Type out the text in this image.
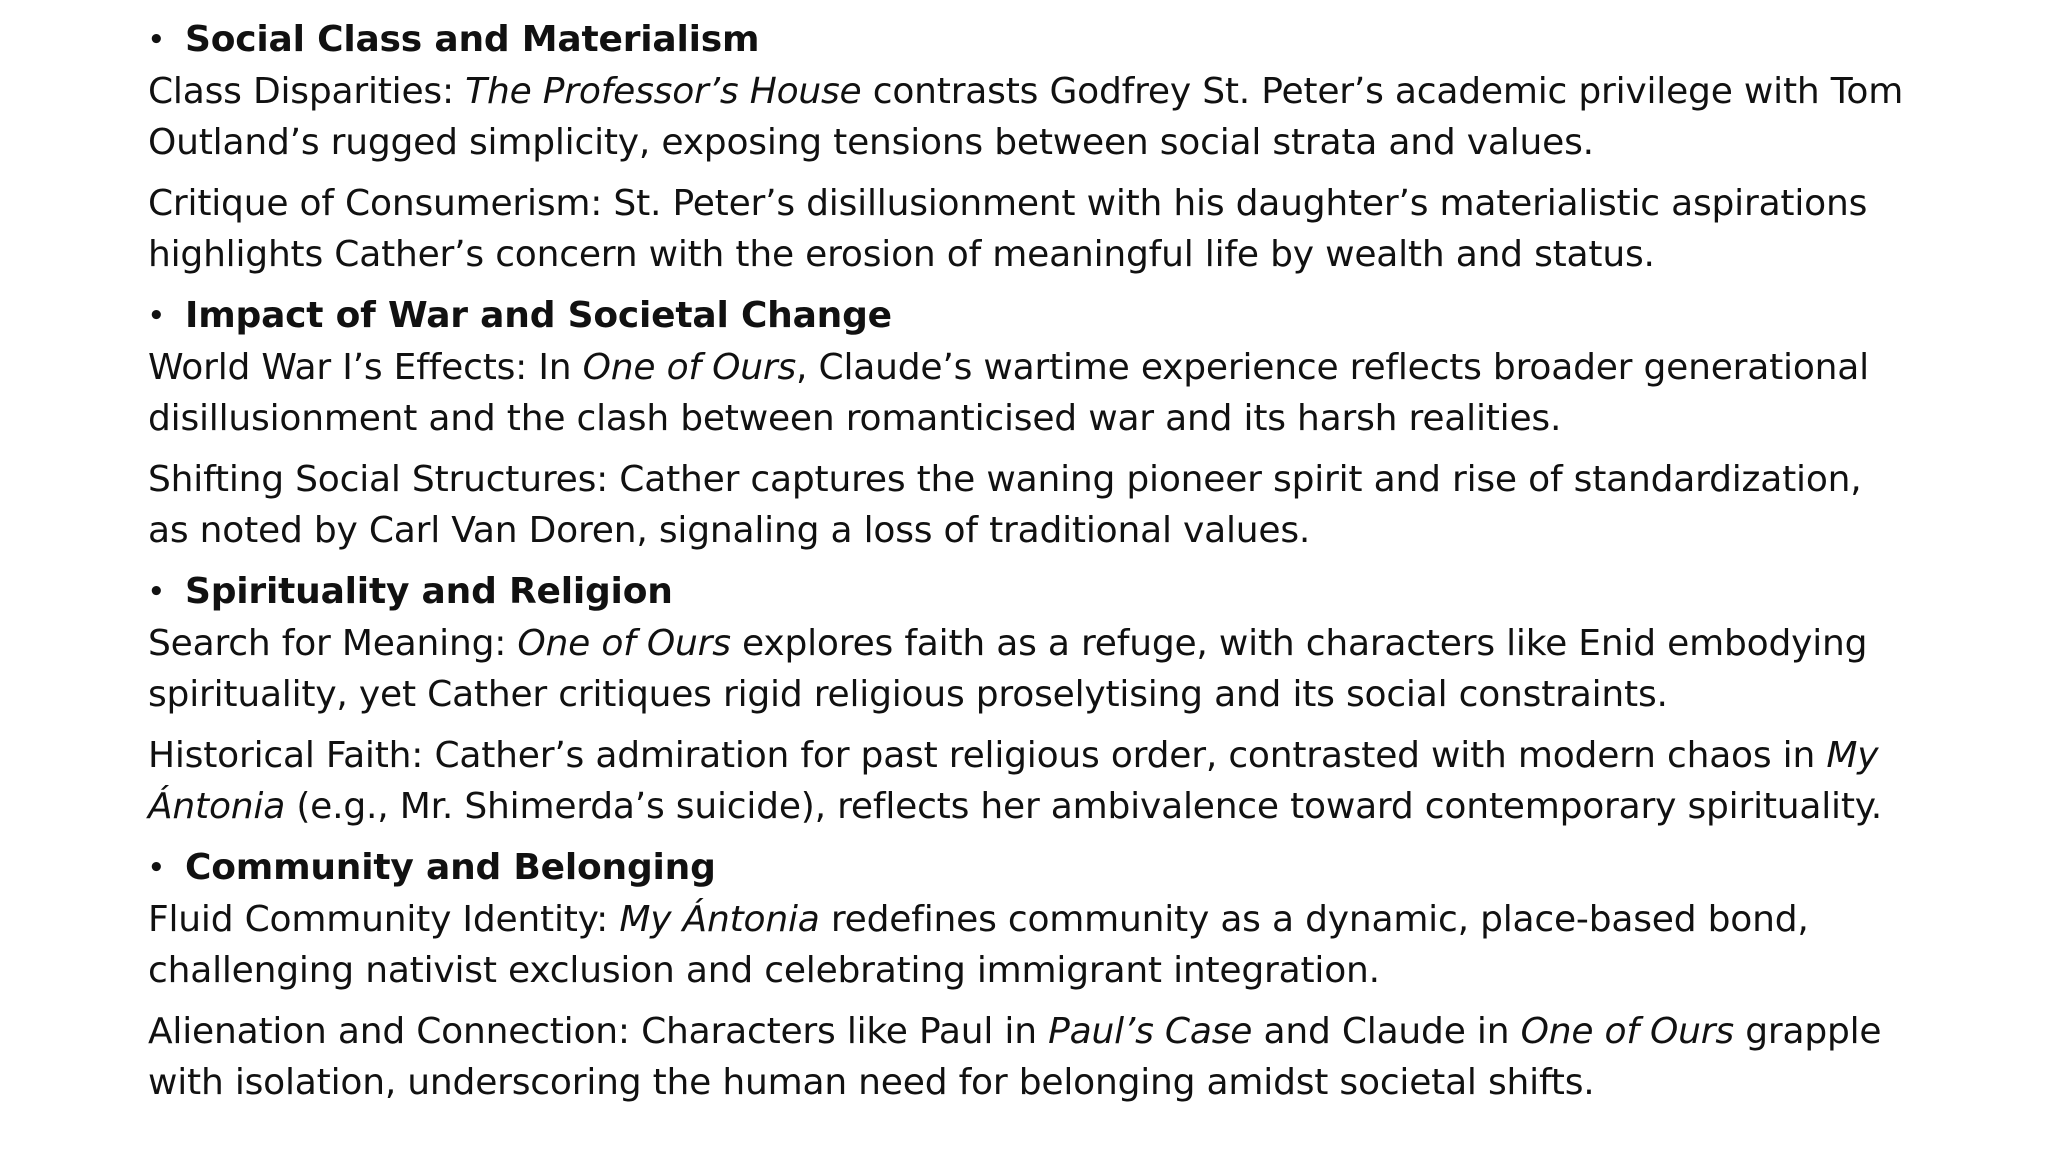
• Social Class and Materialism

Class Disparities: The Professor’s House contrasts Godfrey St. Peter’s academic privilege with Tom Outland’s rugged simplicity, exposing tensions between social strata and values.

Critique of Consumerism: St. Peter’s disillusionment with his daughter’s materialistic aspirations highlights Cather’s concern with the erosion of meaningful life by wealth and status.

• Impact of War and Societal Change

World War I’s Effects: In One of Ours, Claude’s wartime experience reflects broader generational disillusionment and the clash between romanticised war and its harsh realities.

Shifting Social Structures: Cather captures the waning pioneer spirit and rise of standardization, as noted by Carl Van Doren, signaling a loss of traditional values.

• Spirituality and Religion

Search for Meaning: One of Ours explores faith as a refuge, with characters like Enid embodying spirituality, yet Cather critiques rigid religious proselytising and its social constraints.

Historical Faith: Cather’s admiration for past religious order, contrasted with modern chaos in My Ántonia (e.g., Mr. Shimerda’s suicide), reflects her ambivalence toward contemporary spirituality.

• Community and Belonging

Fluid Community Identity: My Ántonia redefines community as a dynamic, place-based bond, challenging nativist exclusion and celebrating immigrant integration.

Alienation and Connection: Characters like Paul in Paul’s Case and Claude in One of Ours grapple with isolation, underscoring the human need for belonging amidst societal shifts.
